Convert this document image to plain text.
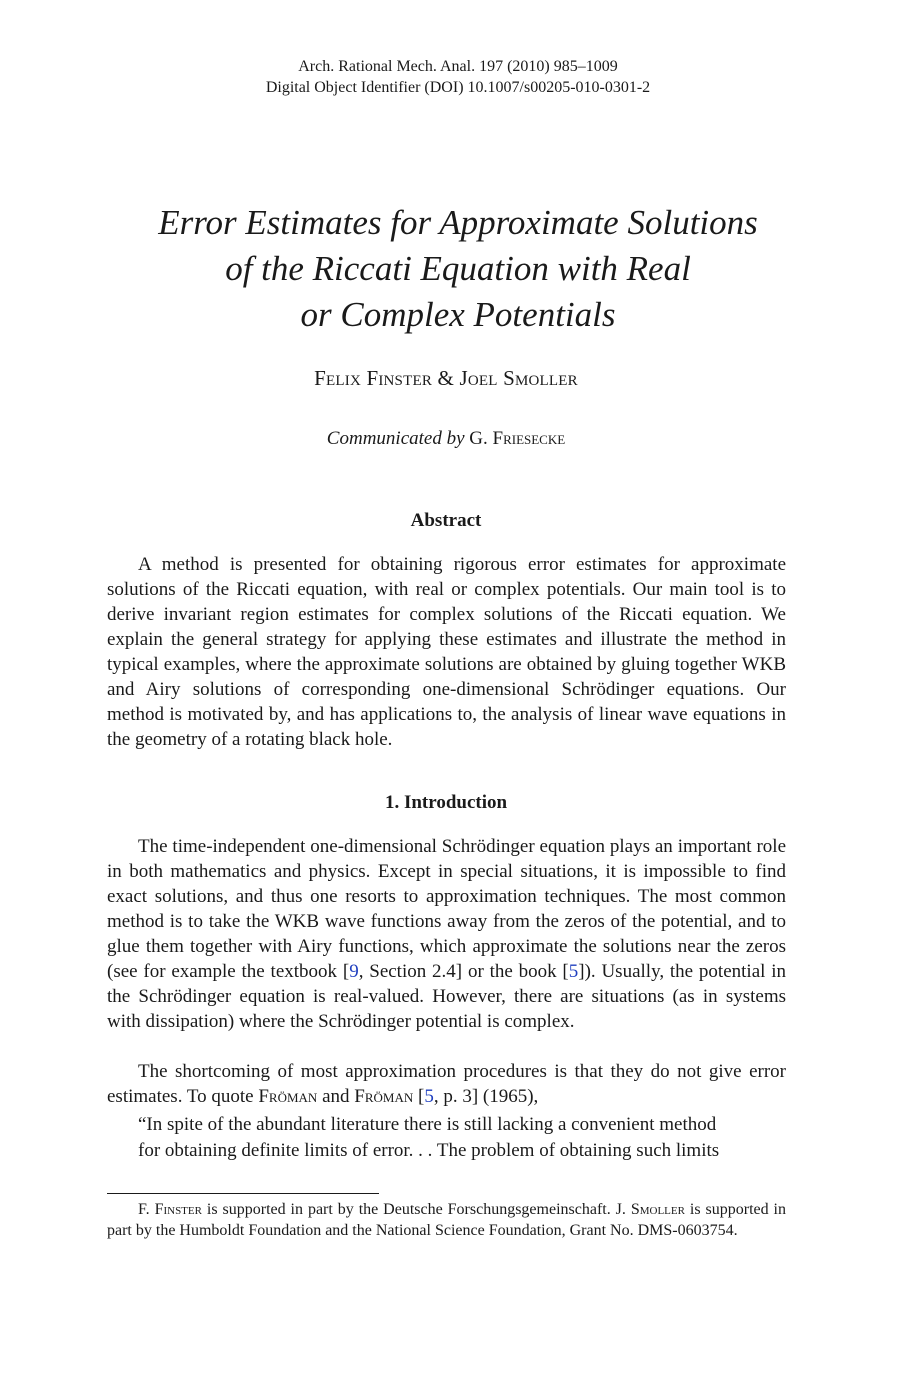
Arch. Rational Mech. Anal. 197 (2010) 985–1009
Digital Object Identifier (DOI) 10.1007/s00205-010-0301-2
Error Estimates for Approximate Solutions
of the Riccati Equation with Real
or Complex Potentials
Felix Finster & Joel Smoller
Communicated by G. Friesecke
Abstract
A method is presented for obtaining rigorous error estimates for approximate solutions of the Riccati equation, with real or complex potentials. Our main tool is to derive invariant region estimates for complex solutions of the Riccati equation. We explain the general strategy for applying these estimates and illustrate the method in typical examples, where the approximate solutions are obtained by gluing together WKB and Airy solutions of corresponding one-dimensional Schrödinger equations. Our method is motivated by, and has applications to, the analysis of linear wave equations in the geometry of a rotating black hole.
1. Introduction
The time-independent one-dimensional Schrödinger equation plays an important role in both mathematics and physics. Except in special situations, it is impossible to find exact solutions, and thus one resorts to approximation techniques. The most common method is to take the WKB wave functions away from the zeros of the potential, and to glue them together with Airy functions, which approximate the solutions near the zeros (see for example the textbook [9, Section 2.4] or the book [5]). Usually, the potential in the Schrödinger equation is real-valued. However, there are situations (as in systems with dissipation) where the Schrödinger potential is complex.
The shortcoming of most approximation procedures is that they do not give error estimates. To quote Fröman and Fröman [5, p. 3] (1965),
“In spite of the abundant literature there is still lacking a convenient method
for obtaining definite limits of error. . . The problem of obtaining such limits
F. Finster is supported in part by the Deutsche Forschungsgemeinschaft. J. Smoller is supported in part by the Humboldt Foundation and the National Science Foundation, Grant No. DMS-0603754.
